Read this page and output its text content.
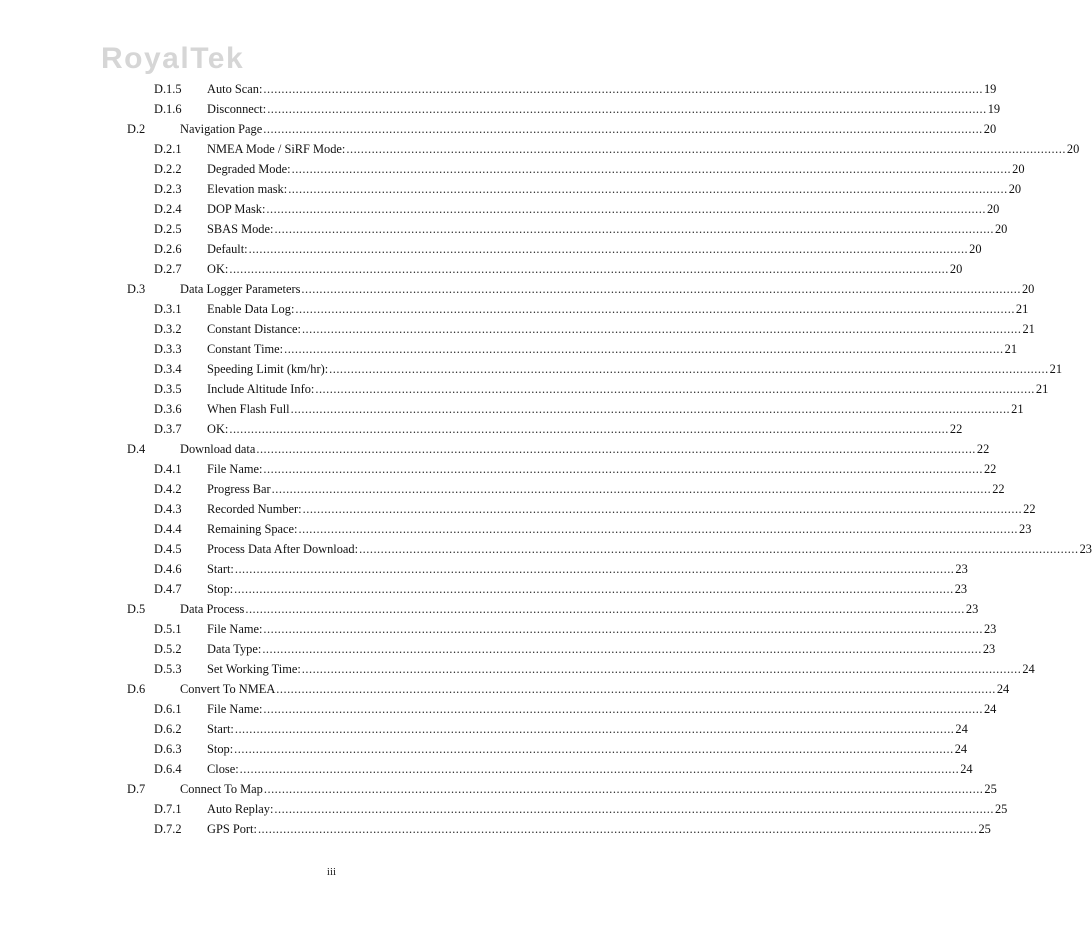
RoyalTek
D.1.5 Auto Scan: ........................................................................................................................................................................................................ 19
D.1.6 Disconnect: ........................................................................................................................................................................................................ 19
D.2	Navigation Page ........................................................................................................................................................................................................ 20
D.2.1 NMEA Mode / SiRF Mode: ........................................................................................................................................................................................................ 20
D.2.2 Degraded Mode: ........................................................................................................................................................................................................ 20
D.2.3 Elevation mask: ........................................................................................................................................................................................................ 20
D.2.4 DOP Mask: ........................................................................................................................................................................................................ 20
D.2.5 SBAS Mode: ........................................................................................................................................................................................................ 20
D.2.6 Default: ........................................................................................................................................................................................................ 20
D.2.7 OK: ........................................................................................................................................................................................................ 20
D.3	Data Logger Parameters ........................................................................................................................................................................................................ 20
D.3.1 Enable Data Log: ........................................................................................................................................................................................................ 21
D.3.2 Constant Distance: ........................................................................................................................................................................................................ 21
D.3.3 Constant Time: ........................................................................................................................................................................................................ 21
D.3.4 Speeding Limit (km/hr): ........................................................................................................................................................................................................ 21
D.3.5 Include Altitude Info: ........................................................................................................................................................................................................ 21
D.3.6 When Flash Full ........................................................................................................................................................................................................ 21
D.3.7 OK: ........................................................................................................................................................................................................ 22
D.4	Download data ........................................................................................................................................................................................................ 22
D.4.1 File Name: ........................................................................................................................................................................................................ 22
D.4.2 Progress Bar ........................................................................................................................................................................................................ 22
D.4.3 Recorded Number: ........................................................................................................................................................................................................ 22
D.4.4 Remaining Space: ........................................................................................................................................................................................................ 23
D.4.5 Process Data After Download: ........................................................................................................................................................................................................ 23
D.4.6 Start: ........................................................................................................................................................................................................ 23
D.4.7 Stop: ........................................................................................................................................................................................................ 23
D.5	Data Process ........................................................................................................................................................................................................ 23
D.5.1 File Name: ........................................................................................................................................................................................................ 23
D.5.2 Data Type: ........................................................................................................................................................................................................ 23
D.5.3 Set Working Time: ........................................................................................................................................................................................................ 24
D.6	Convert To NMEA ........................................................................................................................................................................................................ 24
D.6.1 File Name: ........................................................................................................................................................................................................ 24
D.6.2 Start: ........................................................................................................................................................................................................ 24
D.6.3 Stop: ........................................................................................................................................................................................................ 24
D.6.4 Close: ........................................................................................................................................................................................................ 24
D.7	Connect To Map ........................................................................................................................................................................................................ 25
D.7.1 Auto Replay: ........................................................................................................................................................................................................ 25
D.7.2 GPS Port: ........................................................................................................................................................................................................ 25
iii
